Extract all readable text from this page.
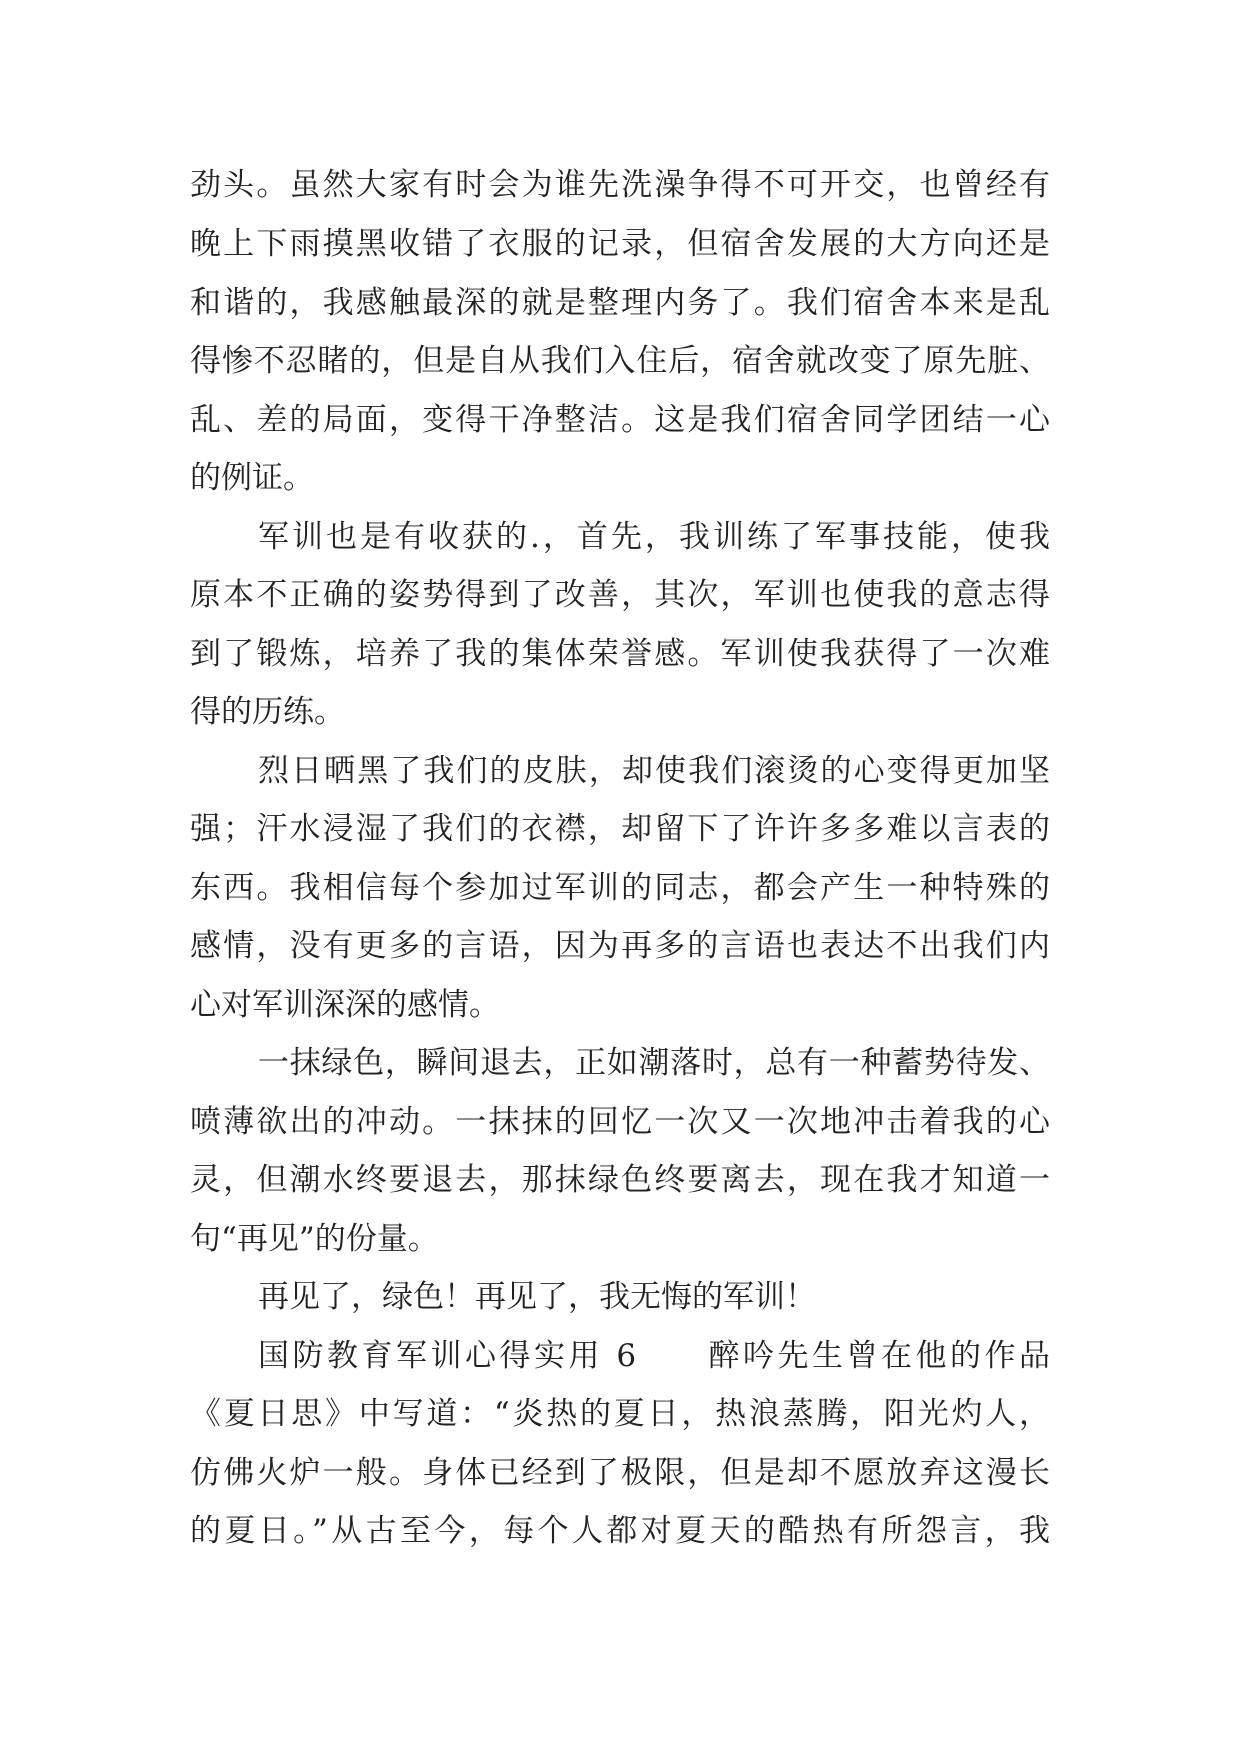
劲头。虽然大家有时会为谁先洗澡争得不可开交，也曾经有
晚上下雨摸黑收错了衣服的记录，但宿舍发展的大方向还是
和谐的，我感触最深的就是整理内务了。我们宿舍本来是乱
得惨不忍睹的，但是自从我们入住后，宿舍就改变了原先脏、
乱、差的局面，变得干净整洁。这是我们宿舍同学团结一心
的例证。
军训也是有收获的.，首先，我训练了军事技能，使我
原本不正确的姿势得到了改善，其次，军训也使我的意志得
到了锻炼，培养了我的集体荣誉感。军训使我获得了一次难
得的历练。
烈日晒黑了我们的皮肤，却使我们滚烫的心变得更加坚
强；汗水浸湿了我们的衣襟，却留下了许许多多难以言表的
东西。我相信每个参加过军训的同志，都会产生一种特殊的
感情，没有更多的言语，因为再多的言语也表达不出我们内
心对军训深深的感情。
一抹绿色，瞬间退去，正如潮落时，总有一种蓄势待发、
喷薄欲出的冲动。一抹抹的回忆一次又一次地冲击着我的心
灵，但潮水终要退去，那抹绿色终要离去，现在我才知道一
句“再见”的份量。
再见了，绿色！再见了，我无悔的军训！
国防教育军训心得实用 6　　醉吟先生曾在他的作品
《夏日思》中写道：“炎热的夏日，热浪蒸腾，阳光灼人，
仿佛火炉一般。身体已经到了极限，但是却不愿放弃这漫长
的夏日。”从古至今，每个人都对夏天的酷热有所怨言，我
